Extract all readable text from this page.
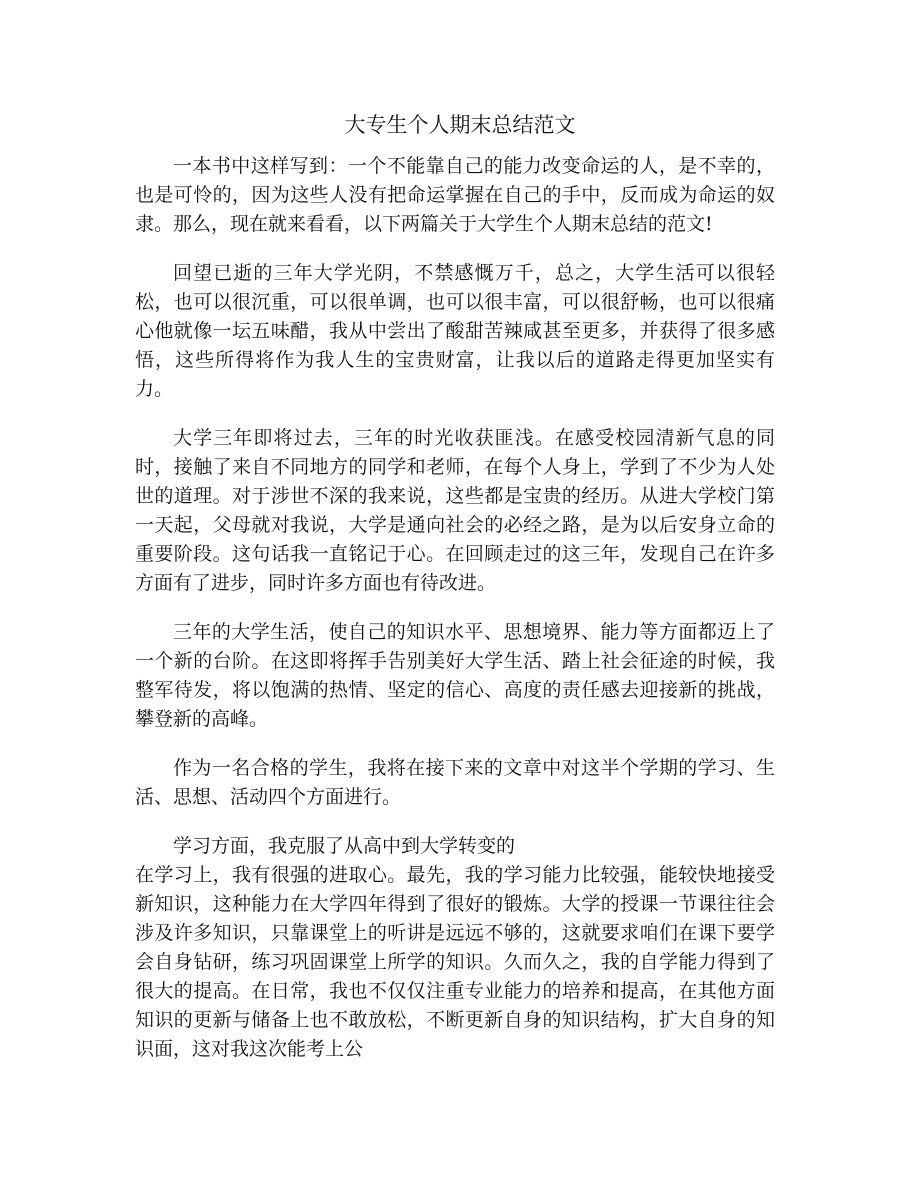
大专生个人期末总结范文

一本书中这样写到：一个不能靠自己的能力改变命运的人，是不幸的，也是可怜的，因为这些人没有把命运掌握在自己的手中，反而成为命运的奴隶。那么，现在就来看看，以下两篇关于大学生个人期末总结的范文!

回望已逝的三年大学光阴，不禁感慨万千，总之，大学生活可以很轻松，也可以很沉重，可以很单调，也可以很丰富，可以很舒畅，也可以很痛心他就像一坛五味醋，我从中尝出了酸甜苦辣咸甚至更多，并获得了很多感悟，这些所得将作为我人生的宝贵财富，让我以后的道路走得更加坚实有力。

大学三年即将过去，三年的时光收获匪浅。在感受校园清新气息的同时，接触了来自不同地方的同学和老师，在每个人身上，学到了不少为人处世的道理。对于涉世不深的我来说，这些都是宝贵的经历。从进大学校门第一天起，父母就对我说，大学是通向社会的必经之路，是为以后安身立命的重要阶段。这句话我一直铭记于心。在回顾走过的这三年，发现自己在许多方面有了进步，同时许多方面也有待改进。

三年的大学生活，使自己的知识水平、思想境界、能力等方面都迈上了一个新的台阶。在这即将挥手告别美好大学生活、踏上社会征途的时候，我整军待发，将以饱满的热情、坚定的信心、高度的责任感去迎接新的挑战，攀登新的高峰。

作为一名合格的学生，我将在接下来的文章中对这半个学期的学习、生活、思想、活动四个方面进行。

学习方面，我克服了从高中到大学转变的

在学习上，我有很强的进取心。最先，我的学习能力比较强，能较快地接受新知识，这种能力在大学四年得到了很好的锻炼。大学的授课一节课往往会涉及许多知识，只靠课堂上的听讲是远远不够的，这就要求咱们在课下要学会自身钻研，练习巩固课堂上所学的知识。久而久之，我的自学能力得到了很大的提高。在日常，我也不仅仅注重专业能力的培养和提高，在其他方面知识的更新与储备上也不敢放松，不断更新自身的知识结构，扩大自身的知识面，这对我这次能考上公
